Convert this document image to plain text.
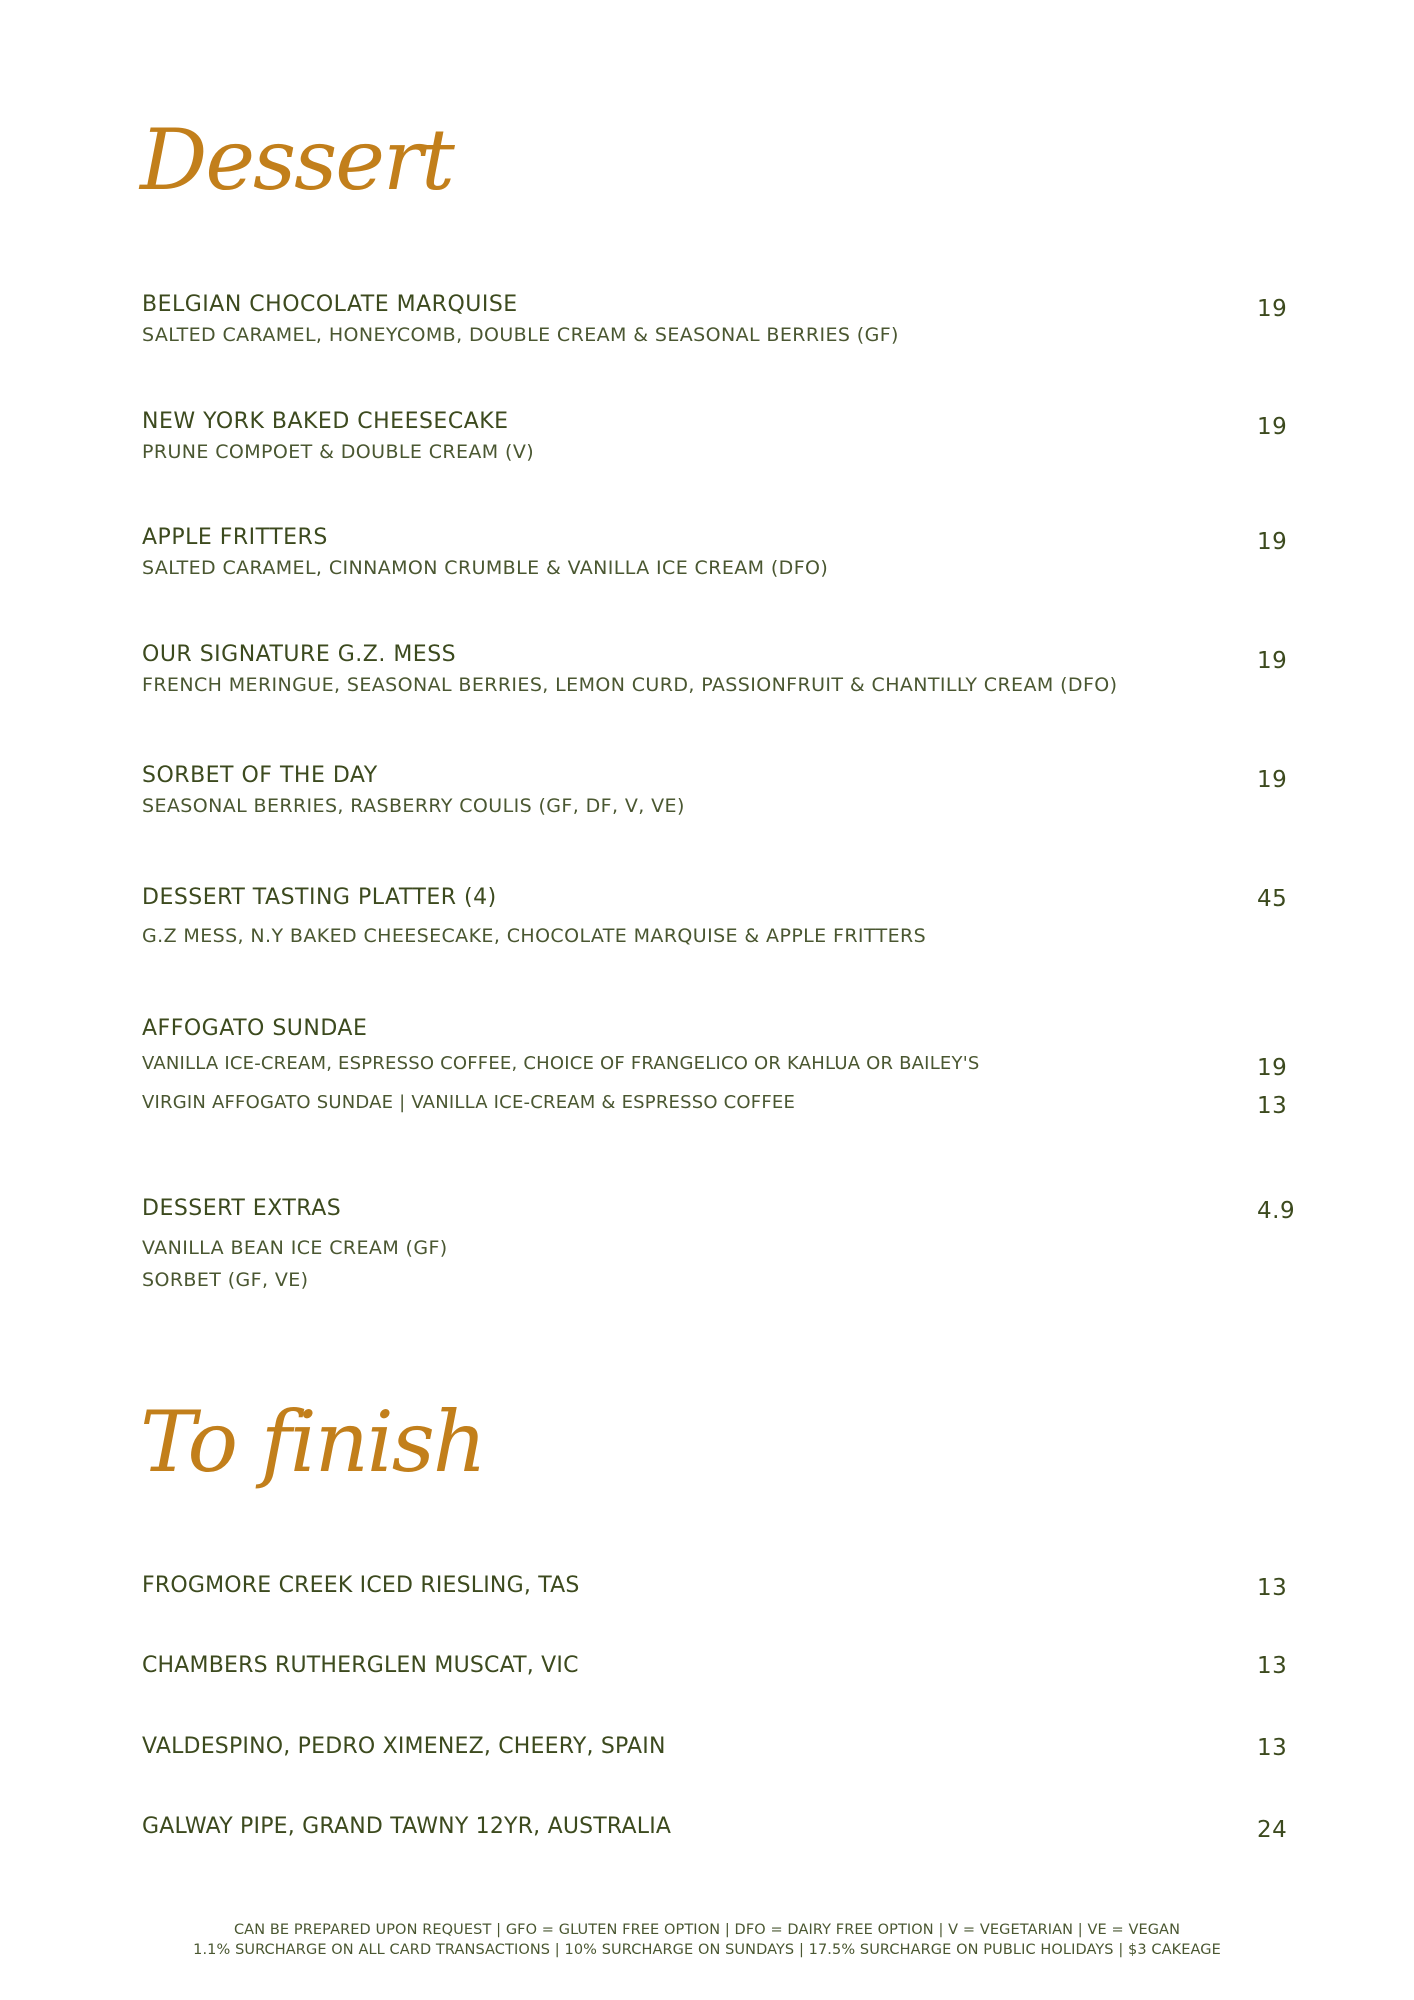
Dessert
BELGIAN CHOCOLATE MARQUISE
SALTED CARAMEL, HONEYCOMB, DOUBLE CREAM & SEASONAL BERRIES (GF)
19
NEW YORK BAKED CHEESECAKE
PRUNE COMPOET & DOUBLE CREAM (V)
19
APPLE FRITTERS
SALTED CARAMEL, CINNAMON CRUMBLE & VANILLA ICE CREAM (DFO)
19
OUR SIGNATURE G.Z. MESS
FRENCH MERINGUE, SEASONAL BERRIES, LEMON CURD, PASSIONFRUIT & CHANTILLY CREAM (DFO)
19
SORBET OF THE DAY
SEASONAL BERRIES, RASBERRY COULIS (GF, DF, V, VE)
19
DESSERT TASTING PLATTER (4)
G.Z MESS, N.Y BAKED CHEESECAKE, CHOCOLATE MARQUISE & APPLE FRITTERS
45
AFFOGATO SUNDAE
VANILLA ICE-CREAM, ESPRESSO COFFEE, CHOICE OF FRANGELICO OR KAHLUA OR BAILEY'S	19
VIRGIN AFFOGATO SUNDAE | VANILLA ICE-CREAM & ESPRESSO COFFEE	13
DESSERT EXTRAS
VANILLA BEAN ICE CREAM (GF)
SORBET (GF, VE)
4.9
To finish
FROGMORE CREEK ICED RIESLING, TAS	13
CHAMBERS RUTHERGLEN MUSCAT, VIC	13
VALDESPINO, PEDRO XIMENEZ, CHEERY, SPAIN	13
GALWAY PIPE, GRAND TAWNY 12YR, AUSTRALIA	24
CAN BE PREPARED UPON REQUEST | GFO = GLUTEN FREE OPTION | DFO = DAIRY FREE OPTION | V = VEGETARIAN | VE = VEGAN
1.1% SURCHARGE ON ALL CARD TRANSACTIONS | 10% SURCHARGE ON SUNDAYS | 17.5% SURCHARGE ON PUBLIC HOLIDAYS | $3 CAKEAGE
